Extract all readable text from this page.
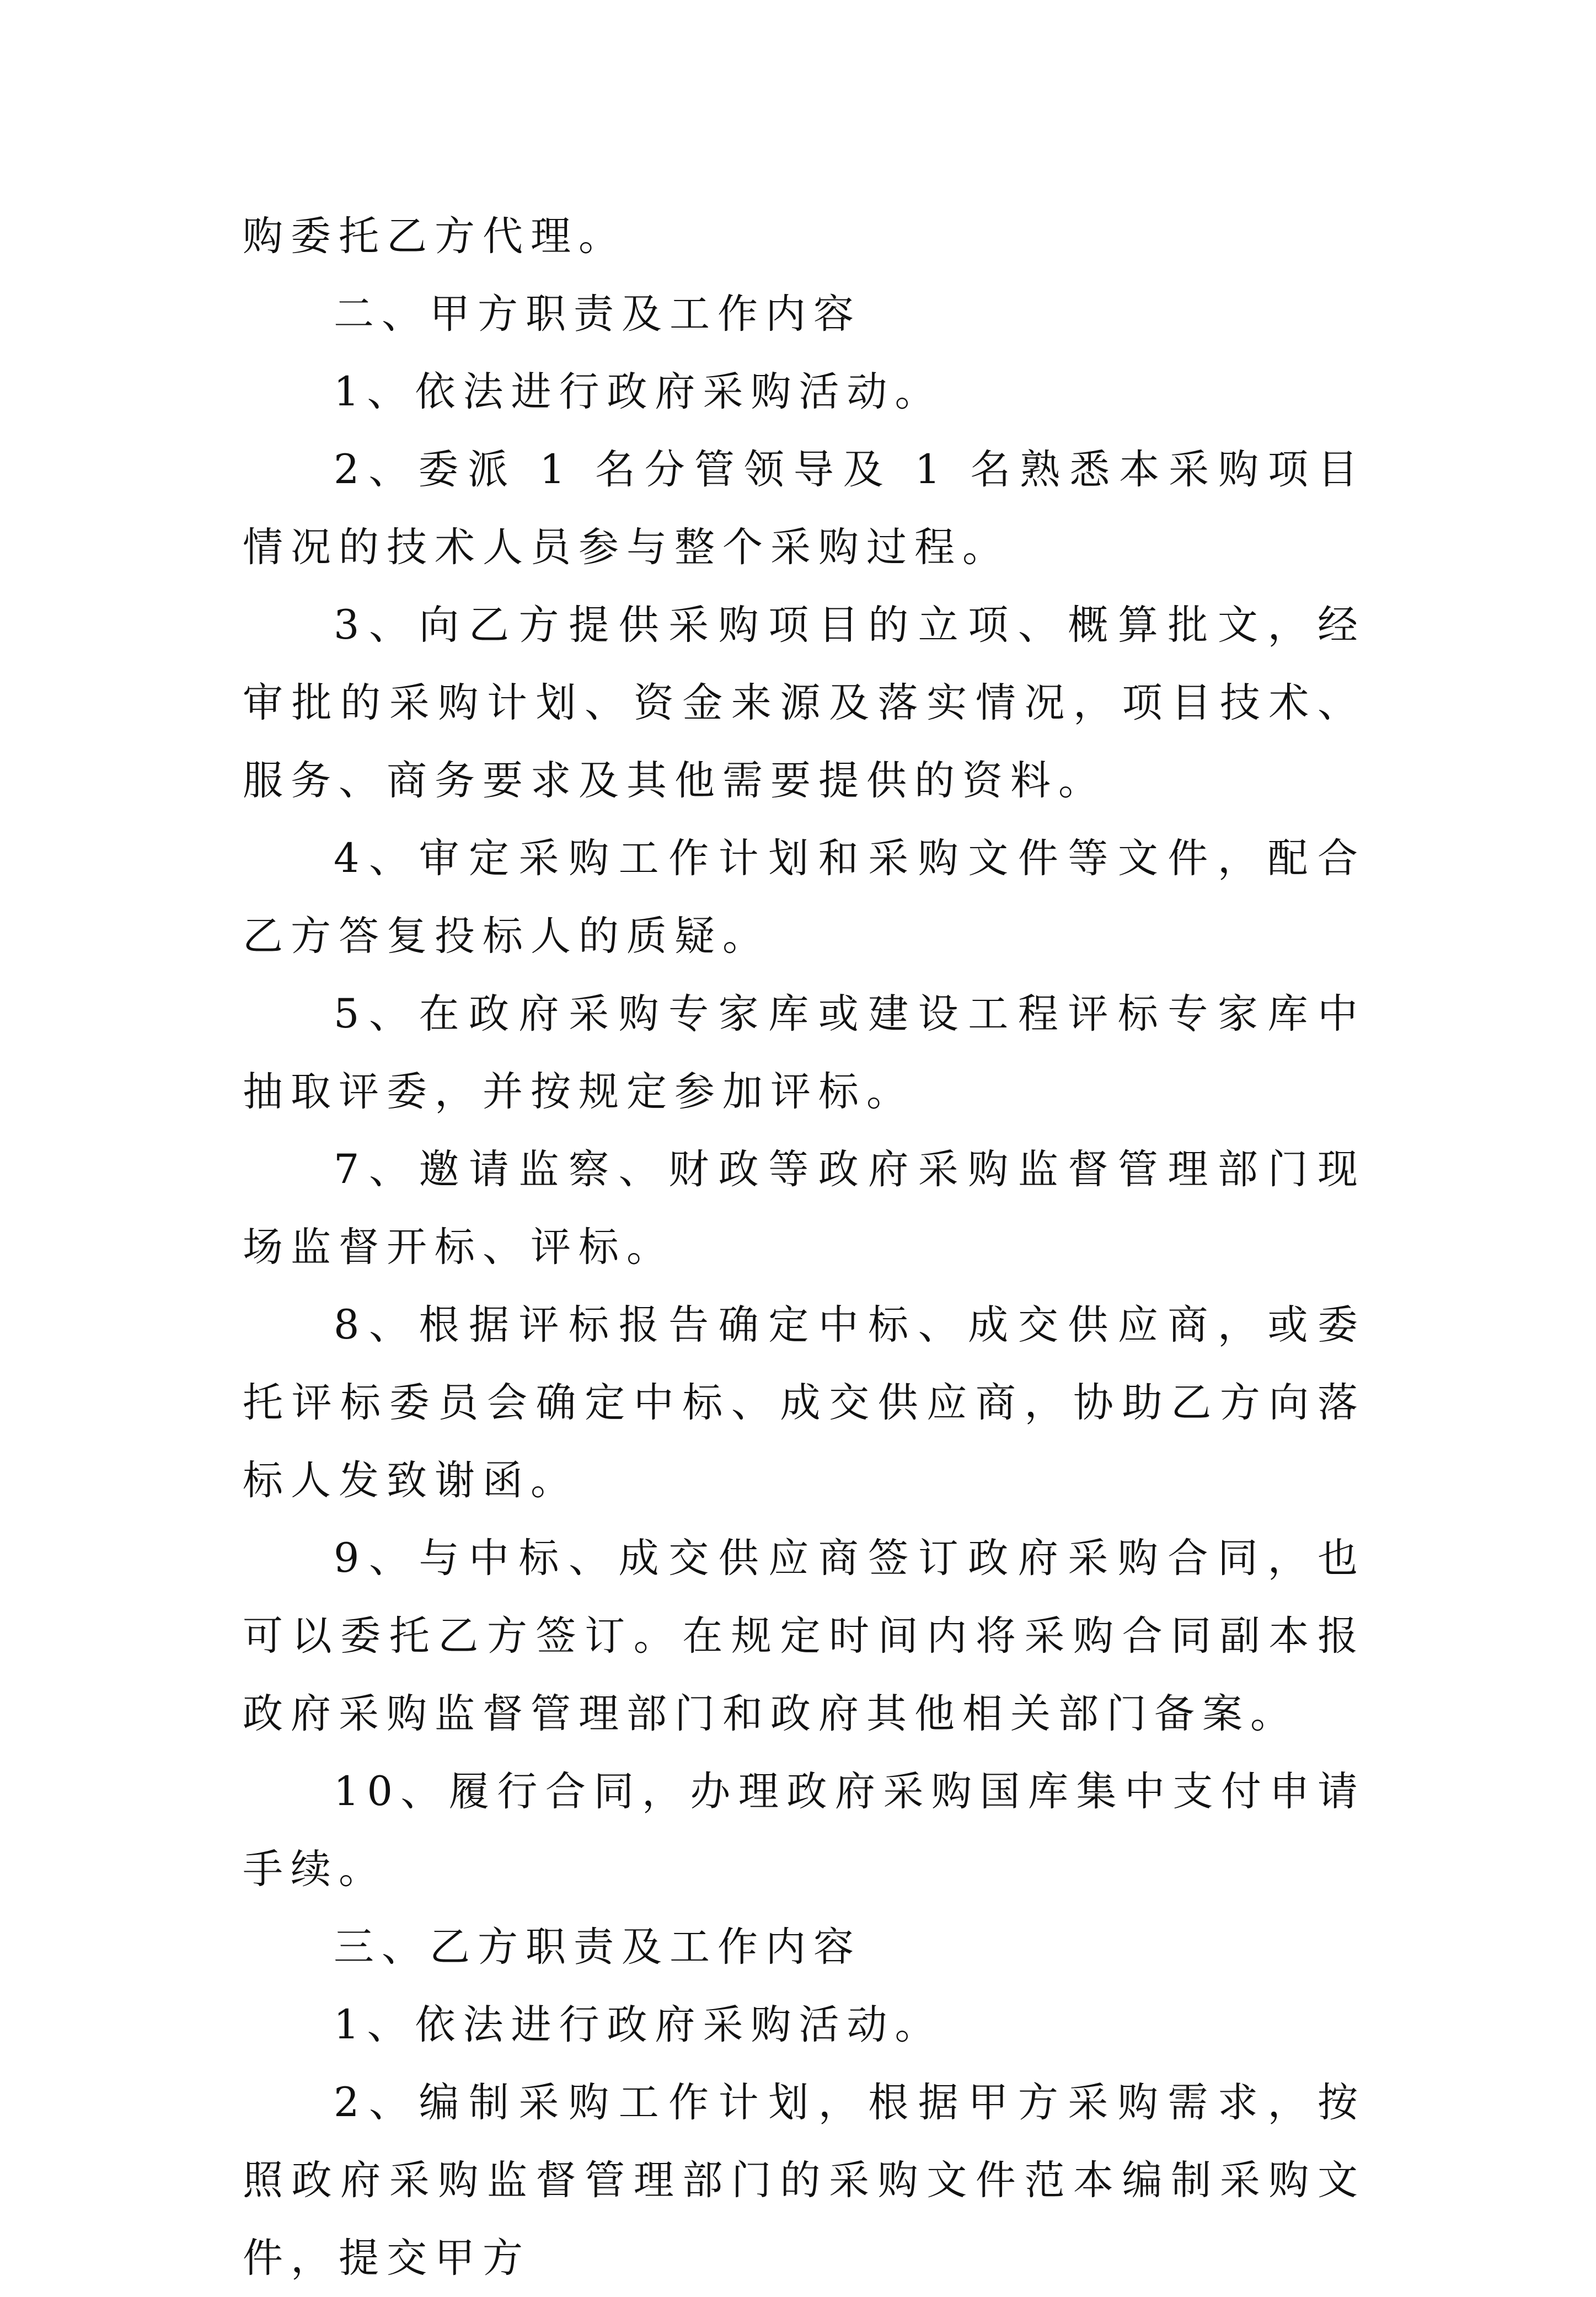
购委托乙方代理。

二、甲方职责及工作内容

1、依法进行政府采购活动。

2、委派 1 名分管领导及 1 名熟悉本采购项目情况的技术人员参与整个采购过程。

3、向乙方提供采购项目的立项、概算批文，经审批的采购计划、资金来源及落实情况，项目技术、服务、商务要求及其他需要提供的资料。

4、审定采购工作计划和采购文件等文件，配合乙方答复投标人的质疑。

5、在政府采购专家库或建设工程评标专家库中抽取评委，并按规定参加评标。

7、邀请监察、财政等政府采购监督管理部门现场监督开标、评标。

8、根据评标报告确定中标、成交供应商，或委托评标委员会确定中标、成交供应商，协助乙方向落标人发致谢函。

9、与中标、成交供应商签订政府采购合同，也可以委托乙方签订。在规定时间内将采购合同副本报政府采购监督管理部门和政府其他相关部门备案。

10、履行合同，办理政府采购国库集中支付申请手续。

三、乙方职责及工作内容

1、依法进行政府采购活动。

2、编制采购工作计划，根据甲方采购需求，按照政府采购监督管理部门的采购文件范本编制采购文件，提交甲方
